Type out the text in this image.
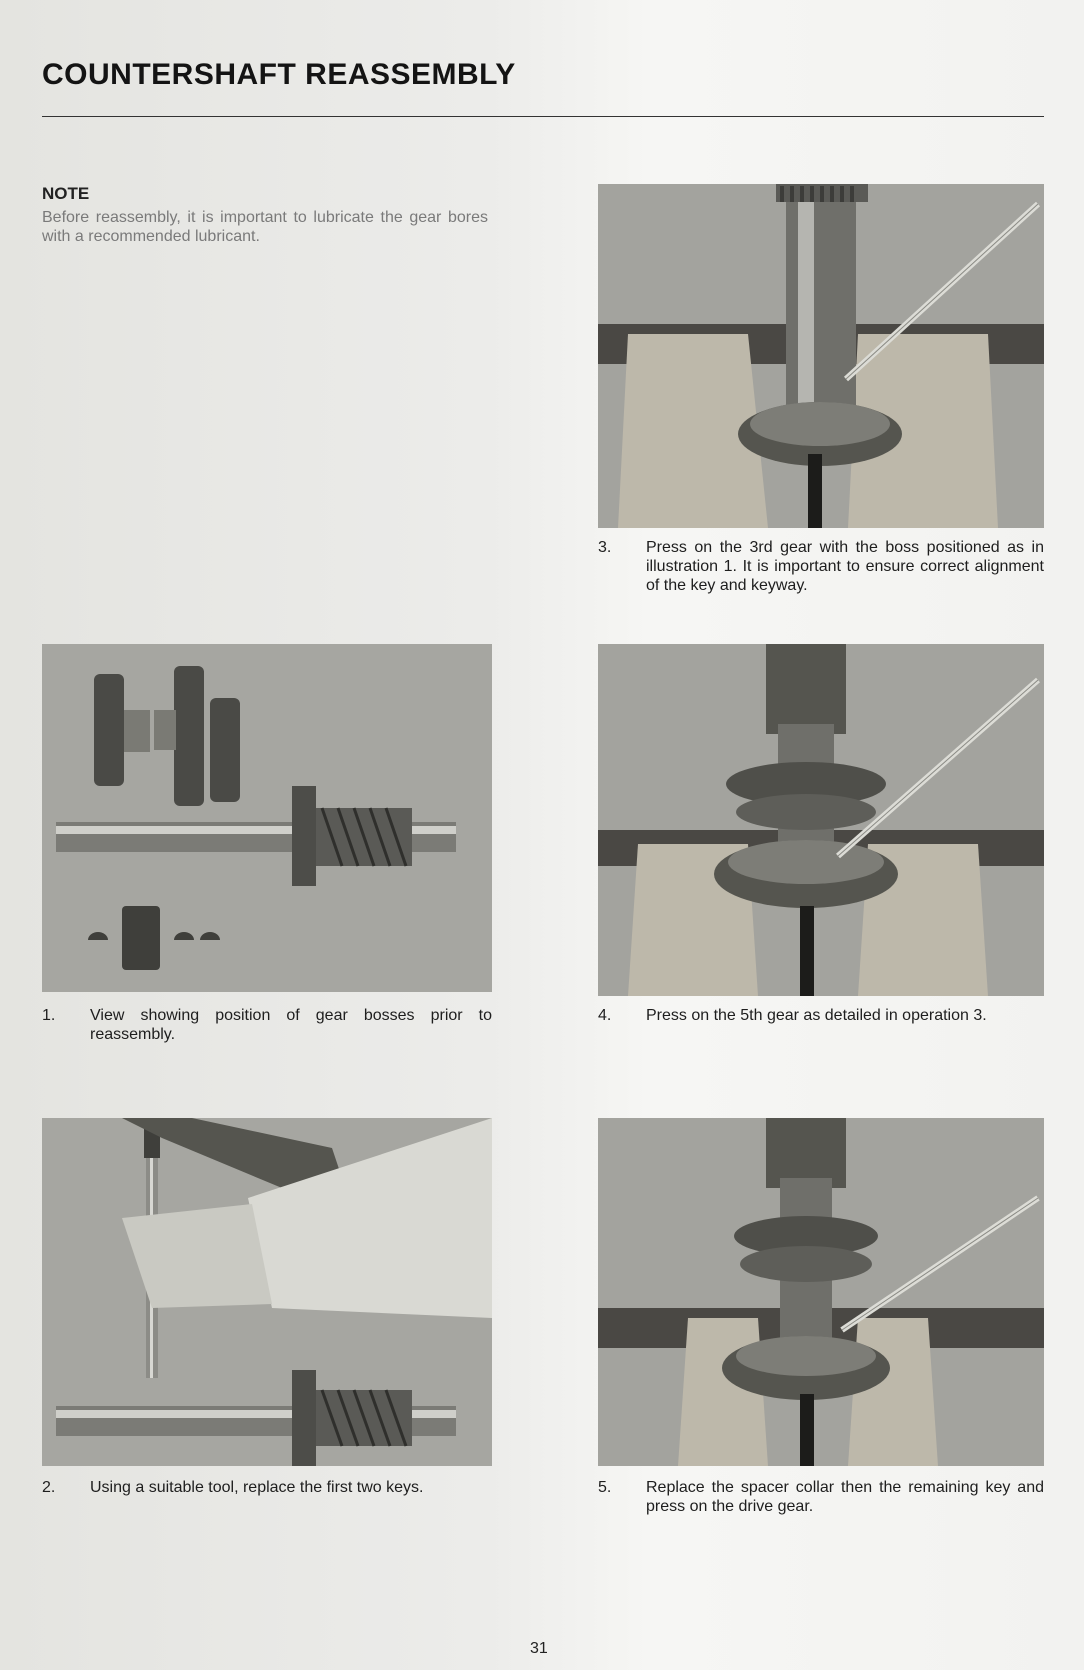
COUNTERSHAFT REASSEMBLY
NOTE
Before reassembly, it is important to lubricate the gear bores with a recommended lubricant.
3. Press on the 3rd gear with the boss positioned as in illustration 1. It is important to ensure correct alignment of the key and keyway.
1. View showing position of gear bosses prior to reassembly.
4. Press on the 5th gear as detailed in operation 3.
2. Using a suitable tool, replace the first two keys.	5. Replace the spacer collar then the remaining key and press on the drive gear.
31
